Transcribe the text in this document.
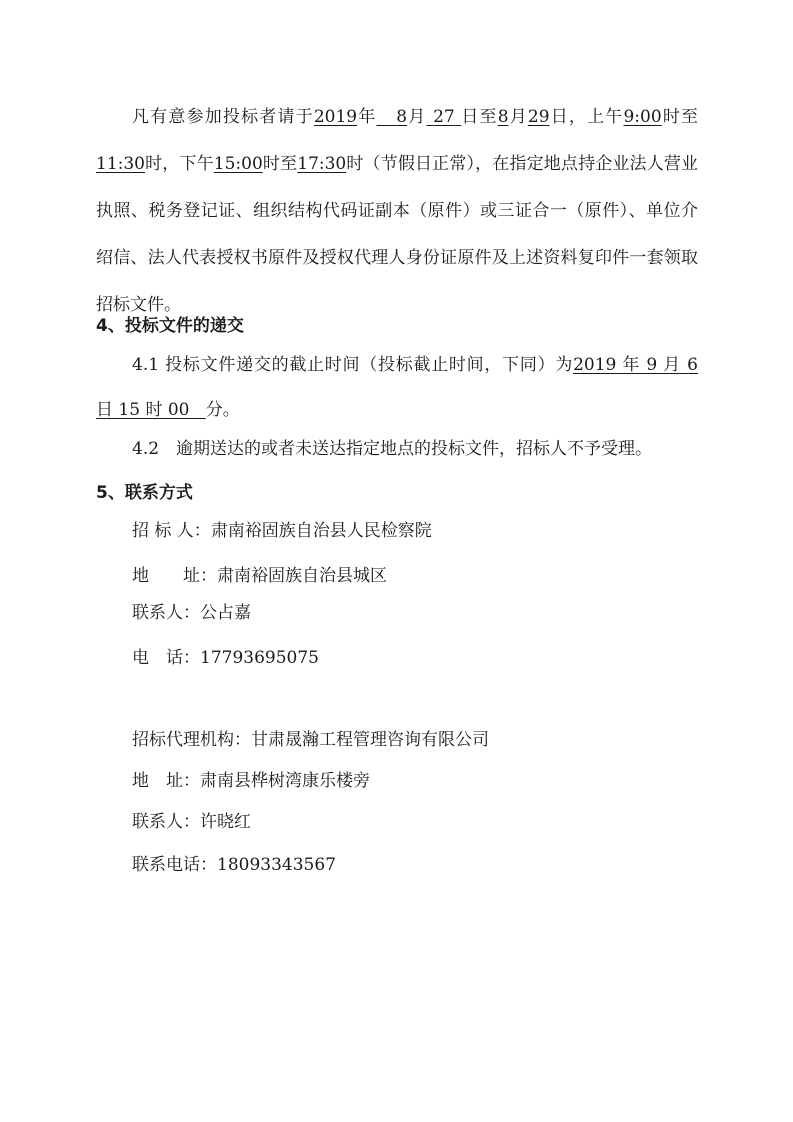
凡有意参加投标者请于2019年 8月 27 日至8月29日，上午9:00时至11:30时，下午15:00时至17:30时（节假日正常），在指定地点持企业法人营业执照、税务登记证、组织结构代码证副本（原件）或三证合一（原件）、单位介绍信、法人代表授权书原件及授权代理人身份证原件及上述资料复印件一套领取招标文件。

4、投标文件的递交

4.1 投标文件递交的截止时间（投标截止时间，下同）为2019 年 9 月 6 日 15 时 00 分。

4.2　逾期送达的或者未送达指定地点的投标文件，招标人不予受理。

5、联系方式

招 标 人：肃南裕固族自治县人民检察院

地　　址：肃南裕固族自治县城区

联系人：公占嘉

电　话：17793695075

招标代理机构：甘肃晟瀚工程管理咨询有限公司

地　址：肃南县桦树湾康乐楼旁

联系人：许晓红

联系电话：18093343567
